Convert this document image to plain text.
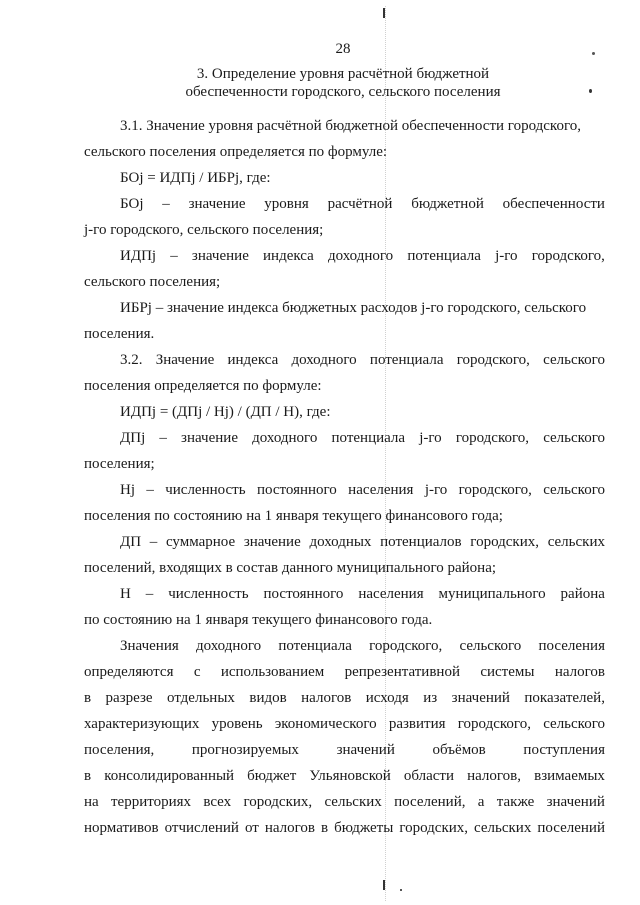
28
3. Определение уровня расчётной бюджетной
обеспеченности городского, сельского поселения
3.1. Значение уровня расчётной бюджетной обеспеченности городского,
сельского поселения определяется по формуле:
БОj = ИДПj / ИБРj, где:
БОj – значение уровня расчётной бюджетной обеспеченности
j-го городского, сельского поселения;
ИДПj – значение индекса доходного потенциала j-го городского,
сельского поселения;
ИБРj – значение индекса бюджетных расходов j-го городского, сельского
поселения.
3.2. Значение индекса доходного потенциала городского, сельского
поселения определяется по формуле:
ИДПj = (ДПj / Нj) / (ДП / Н), где:
ДПj – значение доходного потенциала j-го городского, сельского
поселения;
Нj – численность постоянного населения j-го городского, сельского
поселения по состоянию на 1 января текущего финансового года;
ДП – суммарное значение доходных потенциалов городских, сельских
поселений, входящих в состав данного муниципального района;
Н – численность постоянного населения муниципального района
по состоянию на 1 января текущего финансового года.
Значения доходного потенциала городского, сельского поселения
определяются с использованием репрезентативной системы налогов
в разрезе отдельных видов налогов исходя из значений показателей,
характеризующих уровень экономического развития городского, сельского
поселения,	прогнозируемых	значений	объёмов	поступления
в консолидированный бюджет Ульяновской области налогов, взимаемых
на территориях всех городских, сельских поселений, а также значений
нормативов отчислений от налогов в бюджеты городских, сельских поселений
